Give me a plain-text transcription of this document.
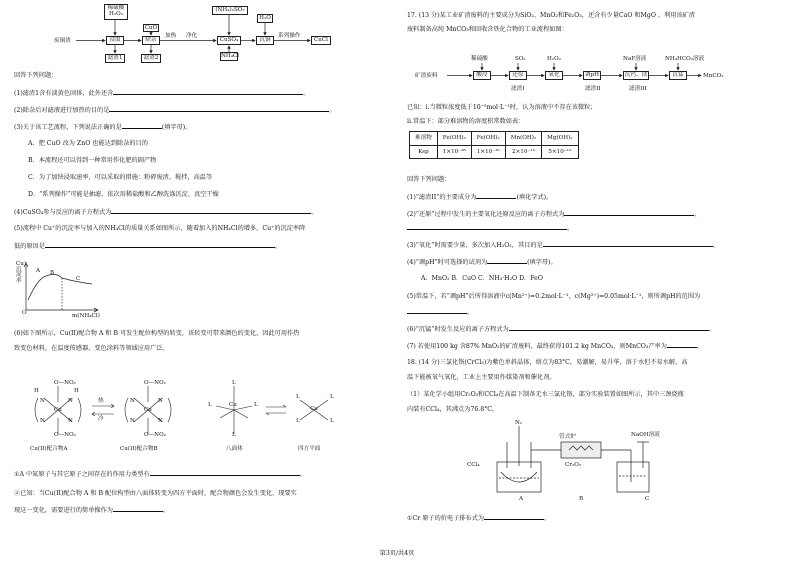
稀硫酸
H₂O₂
废铜渣	浸取
滤渣1
CuO
除杂
滤渣2
加热 净化
(NH₄)₂SO₃
CuSO₄
NH₄Cl
H₂O
沉铜
系列操作
CuCl
回答下列问题：
(1)滤渣1含有淡黄色固体，此外还含	。
(2)除杂后对滤液进行加热的目的是	。
(3)关于该工艺流程，下列说法正确的是	(填字母)。
A．把 CuO 改为 ZnO 也能达到除杂的目的
B．本流程还可以得到一种常用作化肥的副产物
C．为了加快浸取速率，可以采取的措施：粉碎废渣、搅拌，高温等
D．“系列操作”可能是抽滤、依次用稀盐酸和乙醇洗涤沉淀、真空干燥
(4)CuSO₄参与反应的离子方程式为	。
(5)流程中 Cu⁺的沉淀率与加入的NH₄Cl的质量关系如图所示，随着加入的NH₄Cl的增多，Cu⁺的沉淀率降
低的原因是	。
Cu⁺沉淀率
O
A B
C
m(NH₄Cl)
(6)如下图所示，Cu(II)配合物 A 和 B 可发生配位构型的转变，该转变可带来颜色的变化，因此可用作热
致变色材料，在温度传感器、变色涂料等领域应用广泛。
O—NO₂
O—NO₂
Cu
N	N
N	N
H	H
热
冷
O—NO₂
O—NO₂
Cu
N	N
N	N
Cu(II)配合物A	Cu(II)配合物B
Cu
L
L	L
L
八面体
Cu
L	L
L	L
四方平面
①A 中氮原子与其它原子之间存在的作用力类型有	。
②已知：当Cu(II)配合物 A 和 B 配位构型由八面体转变为四方平面时，配合物颜色会发生变化，现要实
现这一变化，需要进行的简单操作为	。
17. (13 分)某工业矿渣废料的主要成分为SiO₂、MnO₂和Fe₂O₃，还含有少量CaO 和MgO 。利用该矿渣
废料制备高纯 MnCO₃和回收含铁化合物的工业流程如图：
稀硫酸	SO₂	H₂O₂	NaF溶液	NH₄HCO₃溶液
矿渣废料	酸浸	还原	氧化	调pH	沉钙、镁	沉锰	MnCO₃
滤渣I	滤渣II	滤渣III
已知：i.当微粒浓度低于10⁻⁵mol·L⁻¹时，认为溶液中不存在该微粒；
ii.常温下：部分难溶物的溶度积常数如表：
难溶物	Fe(OH)₃	Fe(OH)₂	Mn(OH)₂	Mg(OH)₂
Ksp	1×10⁻³⁸	1×10⁻¹⁶	2×10⁻¹³	5×10⁻¹²
回答下列问题：
(1)“滤渣II”的主要成分为	(填化学式)。
(2)“还原”过程中发生的主要氧化还原反应的离子方程式为	、
。
(3)“氧化”时需要少量、多次加入H₂O₂，其目的是	。
(4)“调pH”时可选择的试剂为	(填字母)。
A．MnO₂ B．CuO C．NH₃·H₂O D．FeO
(5)常温下，若“调pH”后所得溶液中c(Mn²⁺)=0.2mol·L⁻¹、c(Mg²⁺)=0.05mol·L⁻¹，则所调pH的范围为
。
(6)“沉锰”时发生反应的离子方程式为	。
(7) 若使用100 kg 含87% MnO₂的矿渣废料，最终获得101.2 kg MnCO₃，则MnCO₃产率为	。
18. (14 分)三氯化铬(CrCl₃)为紫色单斜晶体，熔点为83°C，易潮解，易升华，溶于水但不易水解，高
温下能被氧气氧化，工业上主要用作媒染剂和催化剂。
（1）某化学小组用Cr₂O₃和CCl₄在高温下制备无水三氯化铬，部分实验装置如图所示，其中三颈烧瓶
内装有CCl₄，其沸点为76.8°C。
N₂
CCl₄
管式炉
Cr₂O₃
NaOH溶液
A	B	C
①Cr 原子的价电子排布式为	。
第3页/共4页
